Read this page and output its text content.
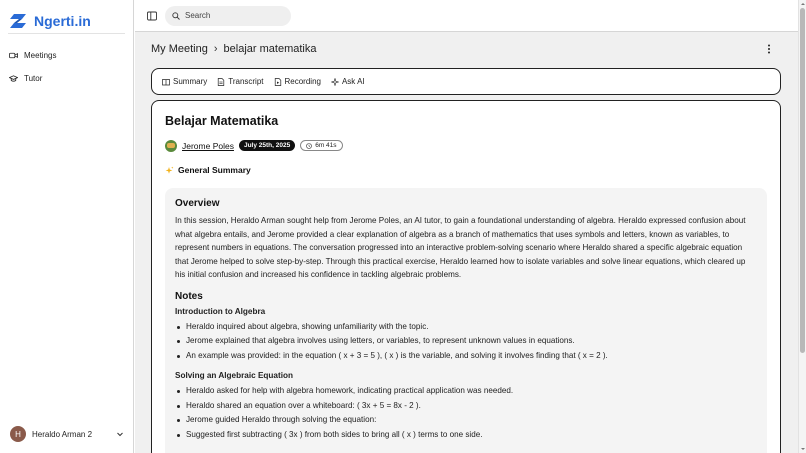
Ngerti.in
Meetings
Tutor
H	Heraldo Arman 2
Search
My Meeting › belajar matematika
Summary	Transcript	Recording	Ask AI
Belajar Matematika
Jerome Poles	July 25th, 2025	6m 41s
General Summary
Overview

In this session, Heraldo Arman sought help from Jerome Poles, an AI tutor, to gain a foundational understanding of algebra. Heraldo expressed confusion about what algebra entails, and Jerome provided a clear explanation of algebra as a branch of mathematics that uses symbols and letters, known as variables, to represent numbers in equations. The conversation progressed into an interactive problem-solving scenario where Heraldo shared a specific algebraic equation that Jerome helped to solve step-by-step. Through this practical exercise, Heraldo learned how to isolate variables and solve linear equations, which cleared up his initial confusion and increased his confidence in tackling algebraic problems.

Notes
Introduction to Algebra
Heraldo inquired about algebra, showing unfamiliarity with the topic.
Jerome explained that algebra involves using letters, or variables, to represent unknown values in equations.
An example was provided: in the equation ( x + 3 = 5 ), ( x ) is the variable, and solving it involves finding that ( x = 2 ).
Solving an Algebraic Equation
Heraldo asked for help with algebra homework, indicating practical application was needed.
Heraldo shared an equation over a whiteboard: ( 3x + 5 = 8x - 2 ).
Jerome guided Heraldo through solving the equation:
Suggested first subtracting ( 3x ) from both sides to bring all ( x ) terms to one side.
